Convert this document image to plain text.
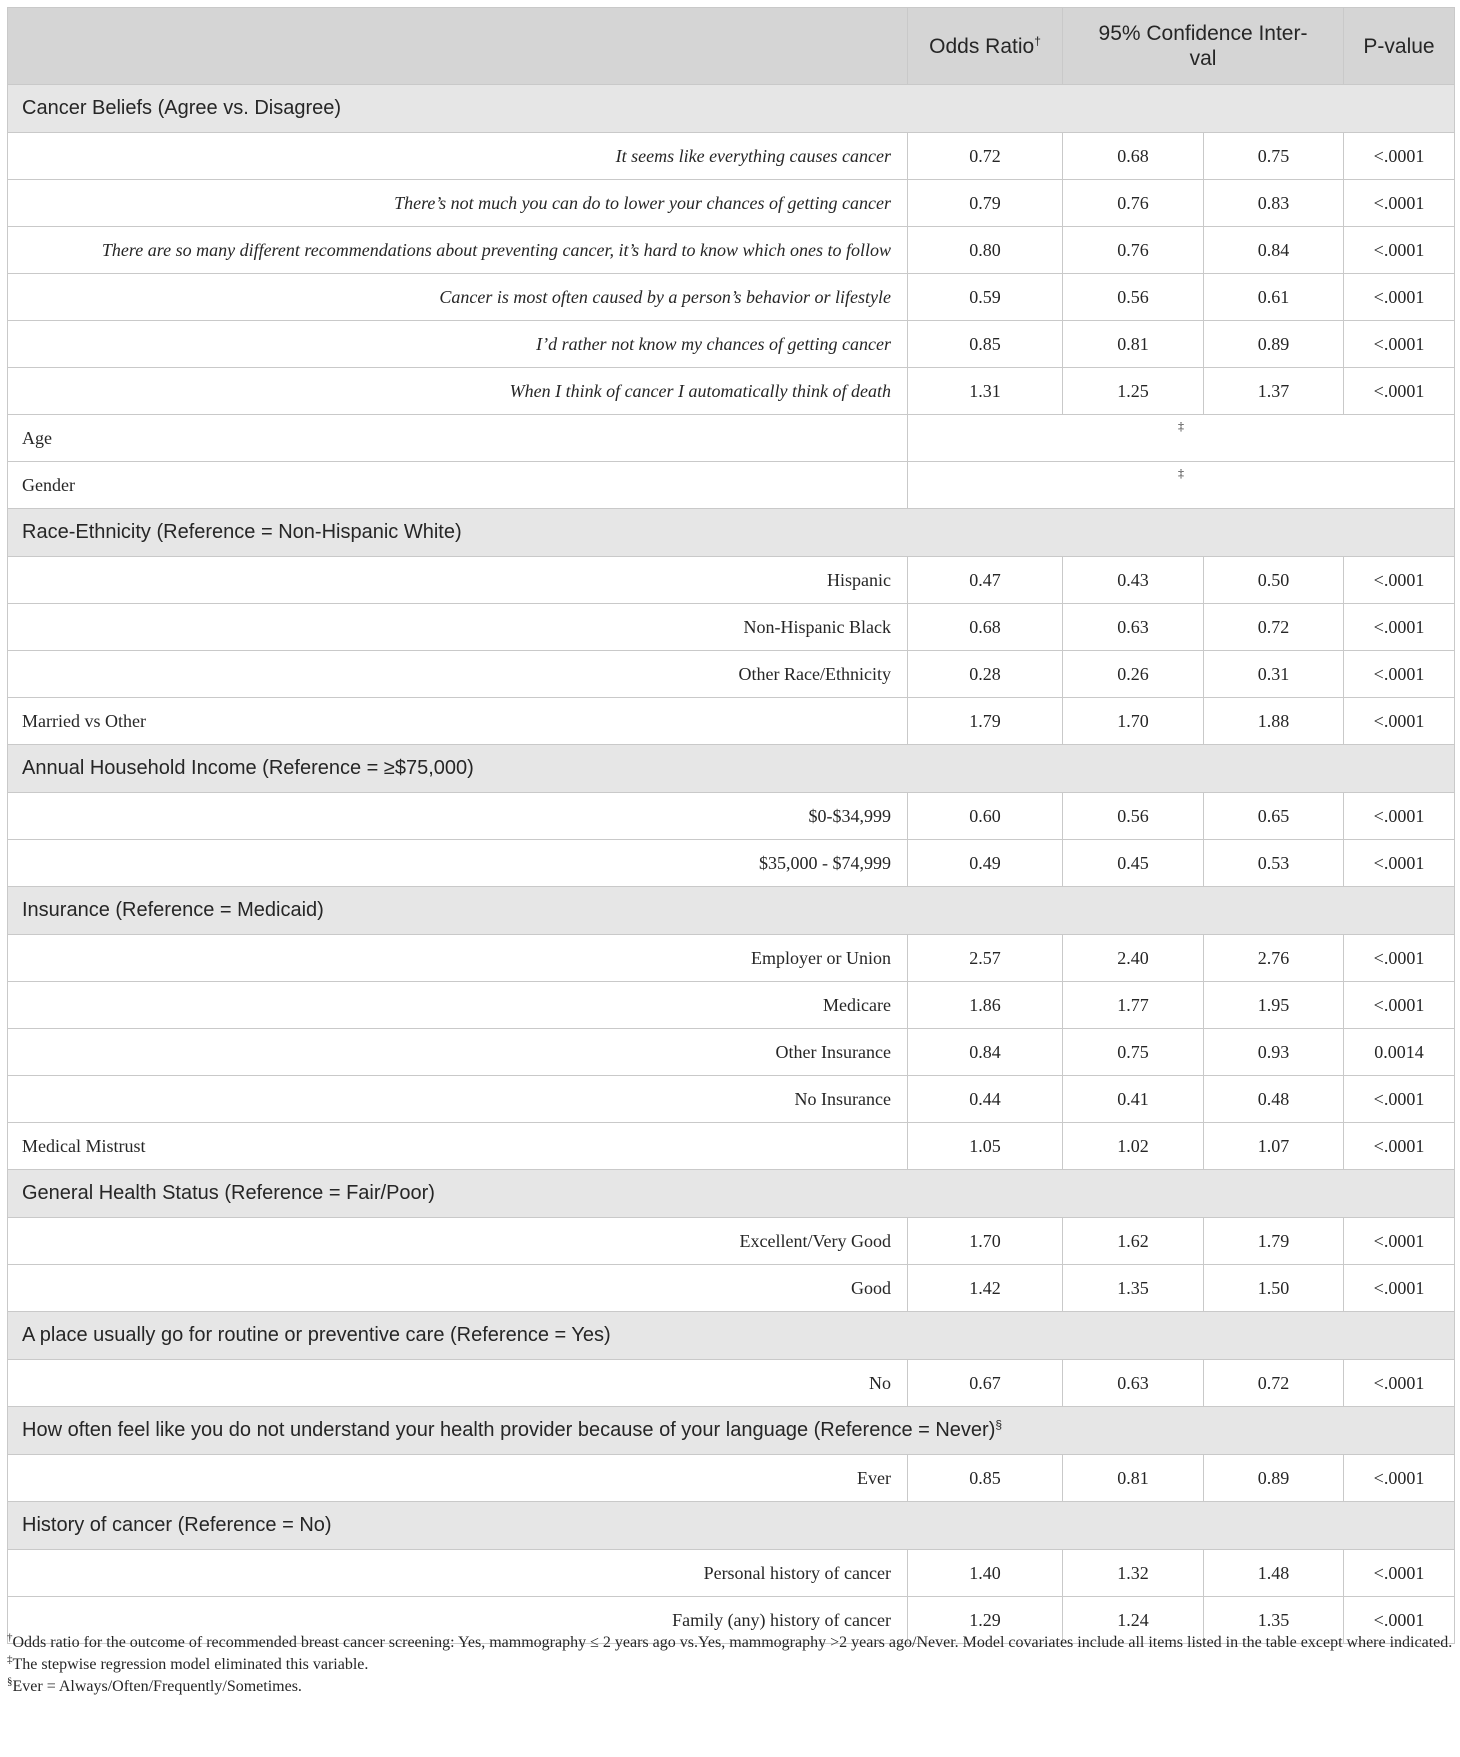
	Odds Ratio†	95% Confidence Inter-
val		P-value
Cancer Beliefs (Agree vs. Disagree)				
It seems like everything causes cancer	0.72	0.68	0.75	<.0001
There’s not much you can do to lower your chances of getting cancer	0.79	0.76	0.83	<.0001
There are so many different recommendations about preventing cancer, it’s hard to know which ones to follow	0.80	0.76	0.84	<.0001
Cancer is most often caused by a person’s behavior or lifestyle	0.59	0.56	0.61	<.0001
I’d rather not know my chances of getting cancer	0.85	0.81	0.89	<.0001
When I think of cancer I automatically think of death	1.31	1.25	1.37	<.0001
Age	‡			
Gender	‡			
Race-Ethnicity (Reference = Non-Hispanic White)				
Hispanic	0.47	0.43	0.50	<.0001
Non-Hispanic Black	0.68	0.63	0.72	<.0001
Other Race/Ethnicity	0.28	0.26	0.31	<.0001
Married vs Other	1.79	1.70	1.88	<.0001
Annual Household Income (Reference = ≥$75,000)				
$0-$34,999	0.60	0.56	0.65	<.0001
$35,000 - $74,999	0.49	0.45	0.53	<.0001
Insurance (Reference = Medicaid)				
Employer or Union	2.57	2.40	2.76	<.0001
Medicare	1.86	1.77	1.95	<.0001
Other Insurance	0.84	0.75	0.93	0.0014
No Insurance	0.44	0.41	0.48	<.0001
Medical Mistrust	1.05	1.02	1.07	<.0001
General Health Status (Reference = Fair/Poor)				
Excellent/Very Good	1.70	1.62	1.79	<.0001
Good	1.42	1.35	1.50	<.0001
A place usually go for routine or preventive care (Reference = Yes)				
No	0.67	0.63	0.72	<.0001
How often feel like you do not understand your health provider because of your language (Reference = Never)§
Ever	0.85	0.81	0.89	<.0001
History of cancer (Reference = No)				
Personal history of cancer	1.40	1.32	1.48	<.0001
Family (any) history of cancer	1.29	1.24	1.35	<.0001

†Odds ratio for the outcome of recommended breast cancer screening: Yes, mammography ≤ 2 years ago vs.Yes, mammography >2 years ago/Never. Model covariates include all items listed in the table except where indicated.

‡The stepwise regression model eliminated this variable.

§Ever = Always/Often/Frequently/Sometimes.
